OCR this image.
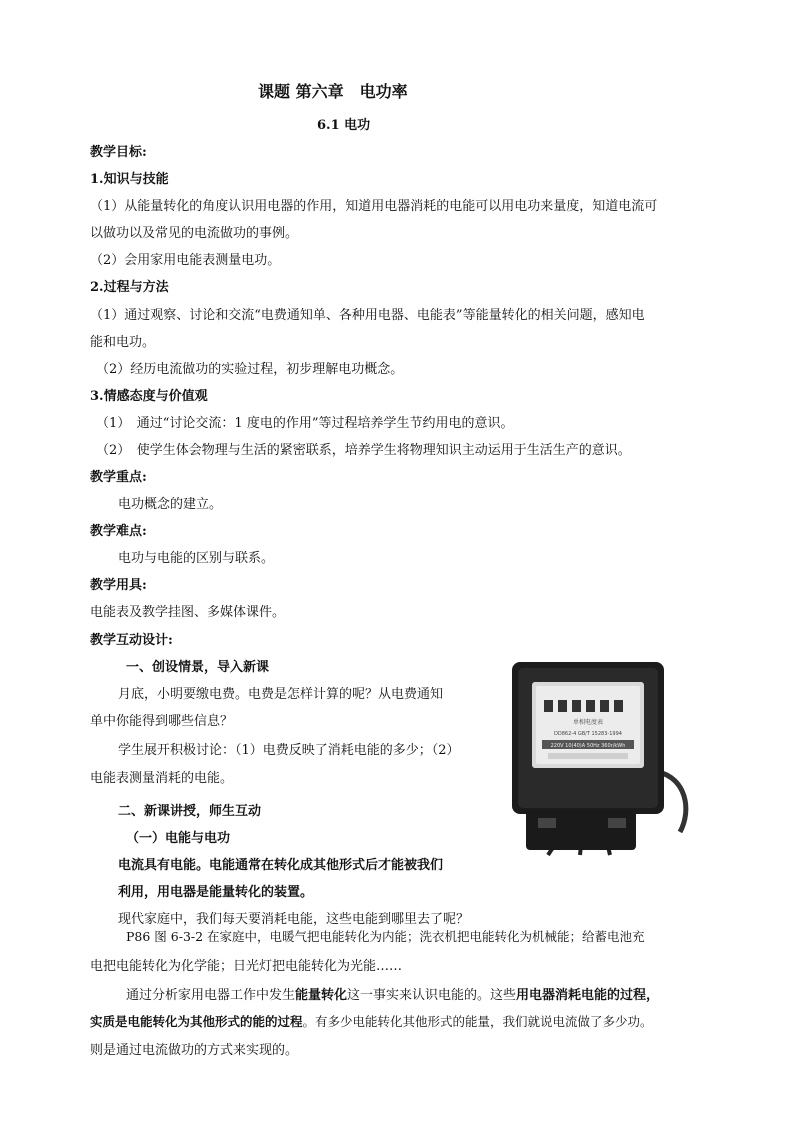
课题 第六章　电功率
6.1 电功
教学目标:
1.知识与技能
（1）从能量转化的角度认识用电器的作用，知道用电器消耗的电能可以用电功来量度，知道电流可
以做功以及常见的电流做功的事例。
（2）会用家用电能表测量电功。
2.过程与方法
（1）通过观察、讨论和交流“电费通知单、各种用电器、电能表”等能量转化的相关问题，感知电
能和电功。
（2）经历电流做功的实验过程，初步理解电功概念。
3.情感态度与价值观
（1）　通过“讨论交流：1 度电的作用”等过程培养学生节约用电的意识。
（2）　使学生体会物理与生活的紧密联系，培养学生将物理知识主动运用于生活生产的意识。
教学重点:
电功概念的建立。
教学难点:
电功与电能的区别与联系。
教学用具:
电能表及教学挂图、多媒体课件。
教学互动设计:
一、创设情景，导入新课
月底，小明要缴电费。电费是怎样计算的呢？从电费通知
单中你能得到哪些信息？
学生展开积极讨论：（1）电费反映了消耗电能的多少；（2）
电能表测量消耗的电能。
二、新课讲授，师生互动
（一）电能与电功
电流具有电能。电能通常在转化成其他形式后才能被我们
利用，用电器是能量转化的装置。
现代家庭中，我们每天要消耗电能，这些电能到哪里去了呢？
P86 图 6-3-2 在家庭中，电暖气把电能转化为内能；洗衣机把电能转化为机械能；给蓄电池充
电把电能转化为化学能；日光灯把电能转化为光能……
通过分析家用电器工作中发生能量转化这一事实来认识电能的。这些用电器消耗电能的过程，
实质是电能转化为其他形式的能的过程。有多少电能转化其他形式的能量，我们就说电流做了多少功。
则是通过电流做功的方式来实现的。
单相电度表
DD862-4 GB/T 15283-1994
220V 10(40)A 50Hz 360r/kWh
